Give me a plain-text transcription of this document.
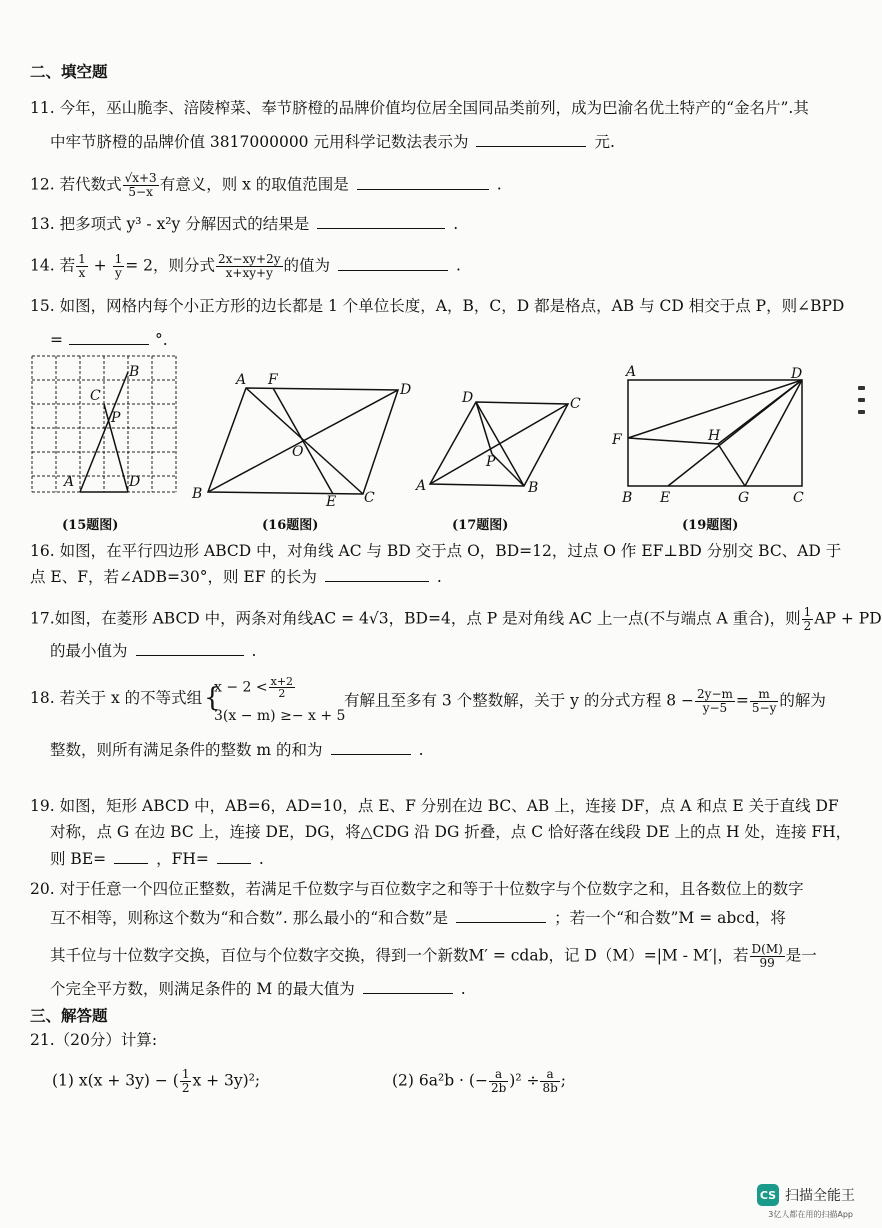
二、填空题
11. 今年，巫山脆李、涪陵榨菜、奉节脐橙的品牌价值均位居全国同品类前列，成为巴渝名优土特产的“金名片”.其
中牢节脐橙的品牌价值 3817000000 元用科学记数法表示为	元.
12. 若代数式 $\frac{√x+3}{5-x}$ 有意义，则 x 的取值范围是	.
13. 把多项式 y³ - x²y 分解因式的结果是	.
14. 若 $\frac{1}{x} + \frac{1}{y} = 2$，则分式 $\frac{2x-xy+2y}{x+xy+y}$ 的值为	.
15. 如图，网格内每个小正方形的边长都是 1 个单位长度，A，B，C，D 都是格点，AB 与 CD 相交于点 P，则∠BPD
=	°.
B
C
P
A	D
A F
D
O
B	E C
D	C
P
A	B
A	D
F	H
B E	G	C
(15题图)	(16题图)	(17题图)	(19题图)
16. 如图，在平行四边形 ABCD 中，对角线 AC 与 BD 交于点 O，BD=12，过点 O 作 EF⊥BD 分别交 BC、AD 于
点 E、F，若∠ADB=30°，则 EF 的长为	.
17.如图，在菱形 ABCD 中，两条对角线AC = 4√3，BD=4，点 P 是对角线 AC 上一点(不与端点 A 重合)，则 $\frac{1}{2}$ AP + PD
的最小值为	.
18. 若关于 x 的不等式组 {
$x - 2 < \frac{x+2}{2}$
3(x − m) ≥− x + 5
有解且至多有 3 个整数解，关于 y 的分式方程 $8 - \frac{2y-m}{y-5} = \frac{m}{5-y}$ 的解为
整数，则所有满足条件的整数 m 的和为	.
19. 如图，矩形 ABCD 中，AB=6，AD=10，点 E、F 分别在边 BC、AB 上，连接 DF，点 A 和点 E 关于直线 DF
对称，点 G 在边 BC 上，连接 DE，DG，将△CDG 沿 DG 折叠，点 C 恰好落在线段 DE 上的点 H 处，连接 FH，
则 BE=	，FH=	.
20. 对于任意一个四位正整数，若满足千位数字与百位数字之和等于十位数字与个位数字之和，且各数位上的数字
互不相等，则称这个数为“和合数”. 那么最小的“和合数”是	；若一个“和合数”M = abcd，将
其千位与十位数字交换，百位与个位数字交换，得到一个新数M′ = cdab，记 D（M）=|M - M′|，若 $\frac{D(M)}{99}$ 是一
个完全平方数，则满足条件的 M 的最大值为	.
三、解答题
21.（20分）计算:
(1) x(x + 3y) − ( $\frac{1}{2}$ x + 3y)²;	(2) 6a²b · (− $\frac{a}{2b} )^2 \div \frac{a}{8b}$ ;
CS 扫描全能王
3亿人都在用的扫描App
